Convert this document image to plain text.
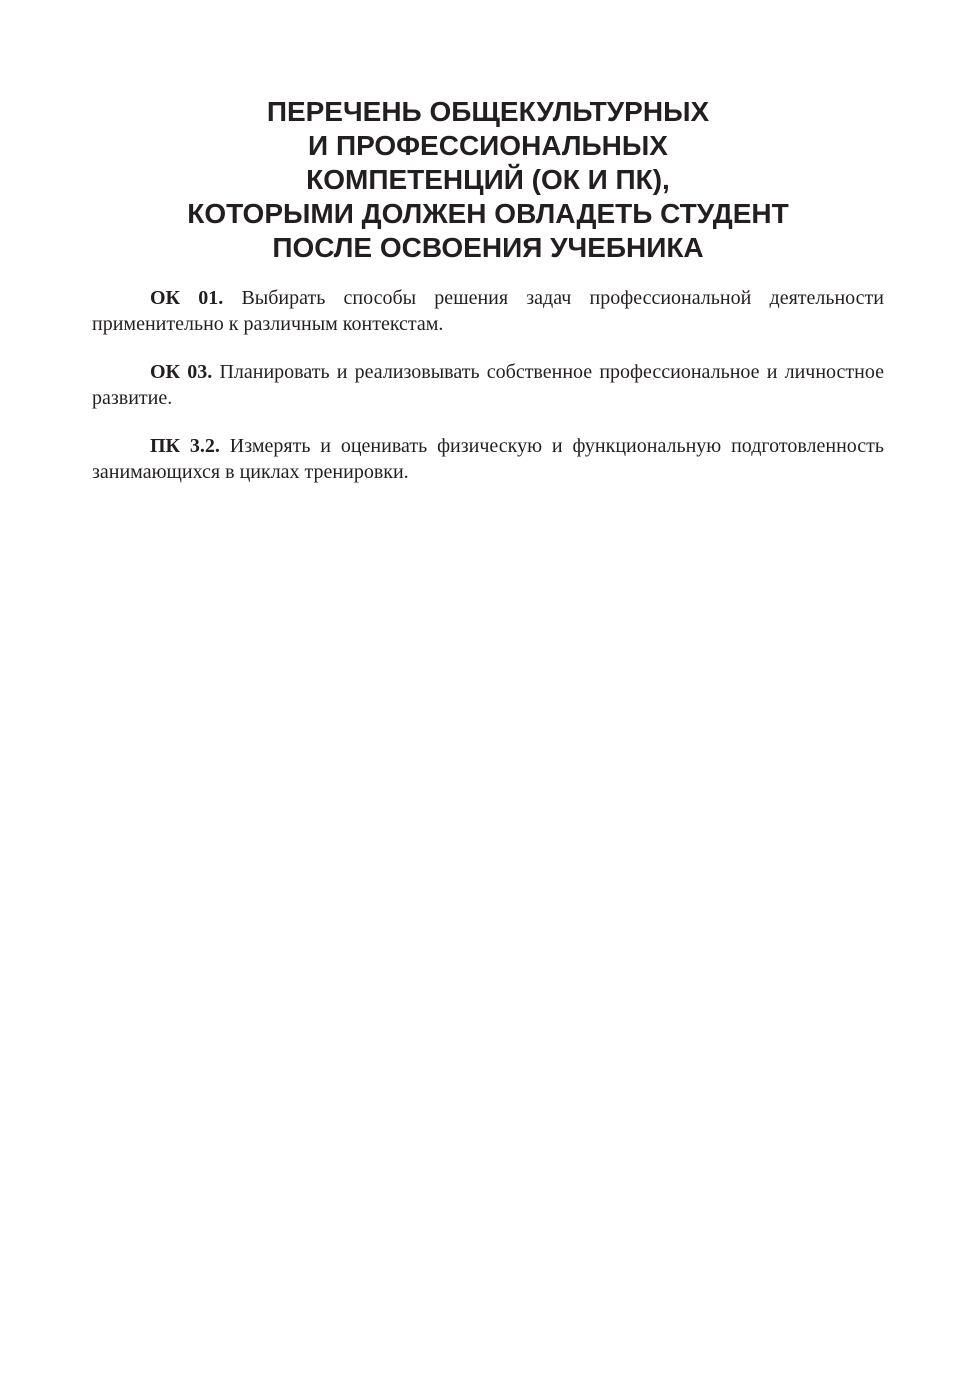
ПЕРЕЧЕНЬ ОБЩЕКУЛЬТУРНЫХ
И ПРОФЕССИОНАЛЬНЫХ
КОМПЕТЕНЦИЙ (ОК И ПК),
КОТОРЫМИ ДОЛЖЕН ОВЛАДЕТЬ СТУДЕНТ
ПОСЛЕ ОСВОЕНИЯ УЧЕБНИКА

ОК 01. Выбирать способы решения задач профессиональной деятельности применительно к различным контекстам.

ОК 03. Планировать и реализовывать собственное профессиональное и личностное развитие.

ПК 3.2. Измерять и оценивать физическую и функциональную подготовленность занимающихся в циклах тренировки.
